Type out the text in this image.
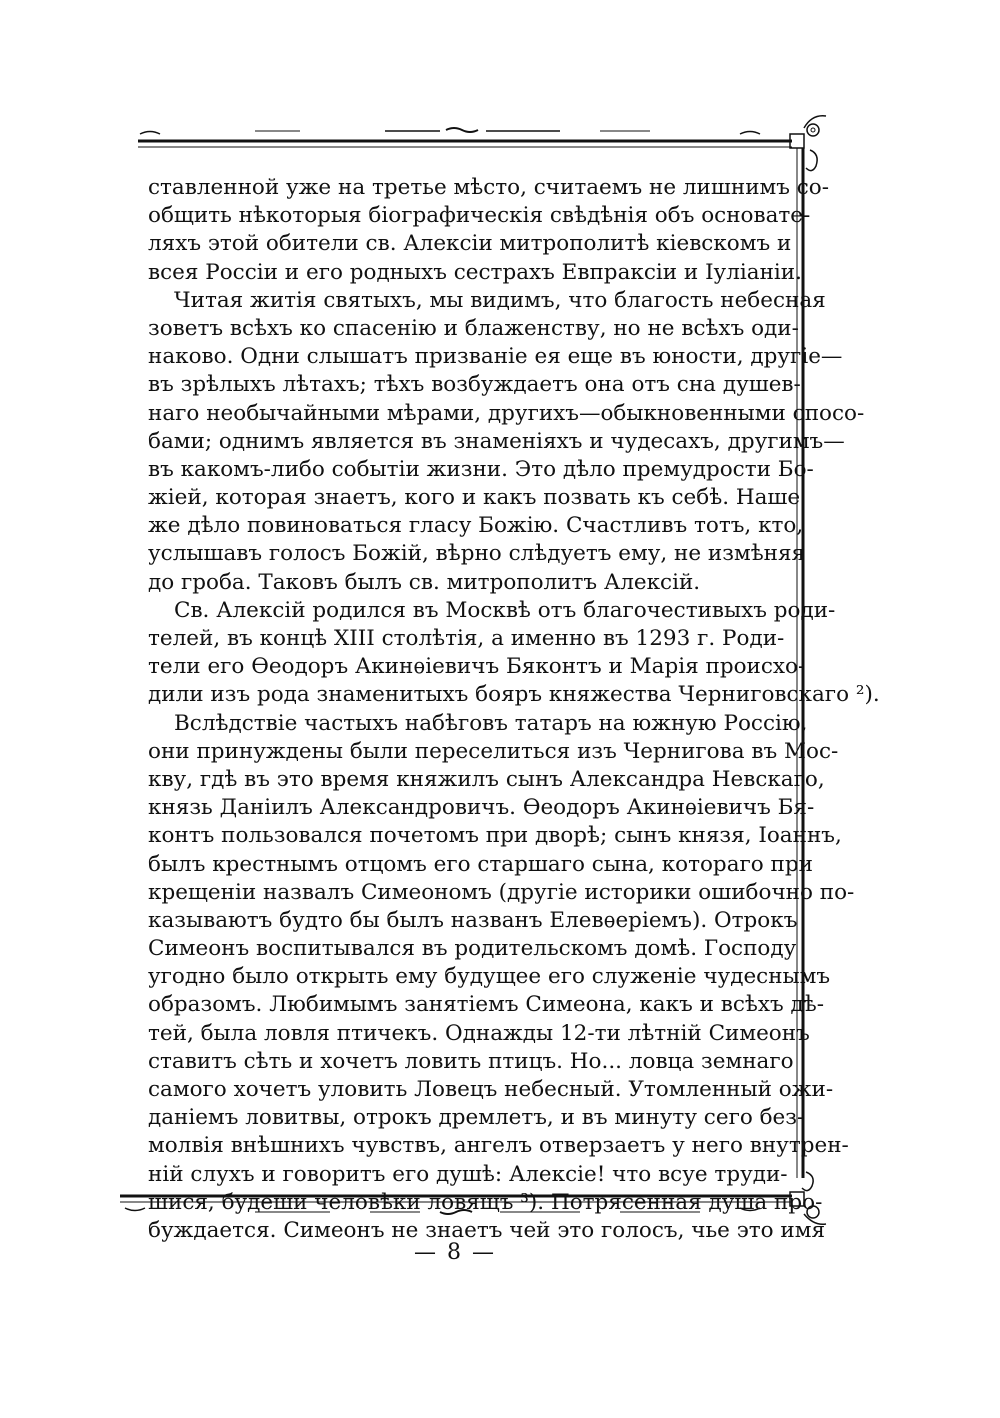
ставленной уже на третье мѣсто, считаемъ не лишнимъ со-
общить нѣкоторыя біографическія свѣдѣнія объ основате-
ляхъ этой обители св. Алексіи митрополитѣ кіевскомъ и
всея Россіи и его родныхъ сестрахъ Евпраксіи и Іуліаніи.
Читая житія святыхъ, мы видимъ, что благость небесная
зоветъ всѣхъ ко спасенію и блаженству, но не всѣхъ оди-
наково. Одни слышатъ призваніе ея еще въ юности, другіе—
въ зрѣлыхъ лѣтахъ; тѣхъ возбуждаетъ она отъ сна душев-
наго необычайными мѣрами, другихъ—обыкновенными спосо-
бами; однимъ является въ знаменіяхъ и чудесахъ, другимъ—
въ какомъ-либо событіи жизни. Это дѣло премудрости Бо-
жіей, которая знаетъ, кого и какъ позвать къ себѣ. Наше
же дѣло повиноваться гласу Божію. Счастливъ тотъ, кто,
услышавъ голосъ Божій, вѣрно слѣдуетъ ему, не измѣняя
до гроба. Таковъ былъ св. митрополитъ Алексій.
Св. Алексій родился въ Москвѣ отъ благочестивыхъ роди-
телей, въ концѣ XIII столѣтія, а именно въ 1293 г. Роди-
тели его Ѳеодоръ Акинѳіевичъ Бяконтъ и Марія происхо-
дили изъ рода знаменитыхъ бояръ княжества Черниговскаго ²).
Вслѣдствіе частыхъ набѣговъ татаръ на южную Россію,
они принуждены были переселиться изъ Чернигова въ Мос-
кву, гдѣ въ это время княжилъ сынъ Александра Невскаго,
князь Даніилъ Александровичъ. Ѳеодоръ Акинѳіевичъ Бя-
контъ пользовался почетомъ при дворѣ; сынъ князя, Іоаннъ,
былъ крестнымъ отцомъ его старшаго сына, котораго при
крещеніи назвалъ Симеономъ (другіе историки ошибочно по-
казываютъ будто бы былъ названъ Елевѳеріемъ). Отрокъ
Симеонъ воспитывался въ родительскомъ домѣ. Господу
угодно было открыть ему будущее его служеніе чудеснымъ
образомъ. Любимымъ занятіемъ Симеона, какъ и всѣхъ дѣ-
тей, была ловля птичекъ. Однажды 12-ти лѣтній Симеонъ
ставитъ сѣть и хочетъ ловить птицъ. Но... ловца земнаго
самого хочетъ уловить Ловецъ небесный. Утомленный ожи-
даніемъ ловитвы, отрокъ дремлетъ, и въ минуту сего без-
молвія внѣшнихъ чувствъ, ангелъ отверзаетъ у него внутрен-
ній слухъ и говоритъ его душѣ: Алексіе! что всуе труди-
шися, будеши человѣки ловящъ ³). Потрясенная душа про-
буждается. Симеонъ не знаетъ чей это голосъ, чье это имя
— 8 —
